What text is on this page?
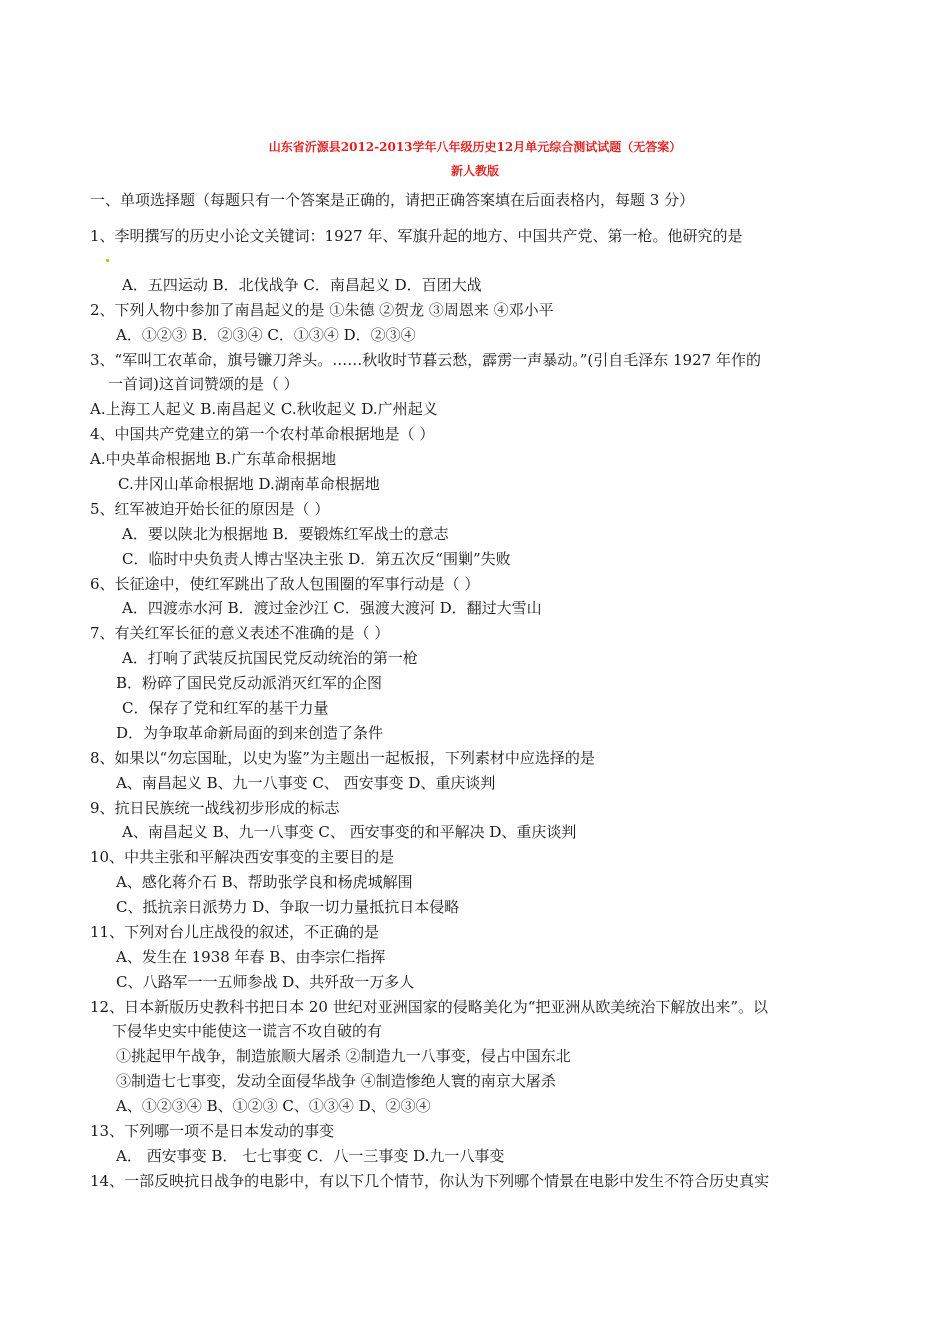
山东省沂源县2012-2013学年八年级历史12月单元综合测试试题（无答案）
新人教版
一、单项选择题（每题只有一个答案是正确的，请把正确答案填在后面表格内，每题 3 分）
1、李明撰写的历史小论文关键词：1927 年、军旗升起的地方、中国共产党、第一枪。他研究的是
A．五四运动 B．北伐战争 C．南昌起义 D．百团大战
2、下列人物中参加了南昌起义的是 ①朱德 ②贺龙 ③周恩来 ④邓小平
A．①②③ B．②③④ C．①③④ D．②③④
3、“军叫工农革命，旗号镰刀斧头。……秋收时节暮云愁，霹雳一声暴动。”(引自毛泽东 1927 年作的
一首词)这首词赞颂的是（ ）
A.上海工人起义 B.南昌起义 C.秋收起义 D.广州起义
4、中国共产党建立的第一个农村革命根据地是（ ）
A.中央革命根据地 B.广东革命根据地
C.井冈山革命根据地 D.湖南革命根据地
5、红军被迫开始长征的原因是（ ）
A．要以陕北为根据地 B．要锻炼红军战士的意志
C．临时中央负责人博古坚决主张 D．第五次反“围剿”失败
6、长征途中，使红军跳出了敌人包围圈的军事行动是（ ）
A．四渡赤水河 B．渡过金沙江 C．强渡大渡河 D．翻过大雪山
7、有关红军长征的意义表述不准确的是（ ）
A．打响了武装反抗国民党反动统治的第一枪
B．粉碎了国民党反动派消灭红军的企图
C．保存了党和红军的基干力量
D．为争取革命新局面的到来创造了条件
8、如果以“勿忘国耻，以史为鉴”为主题出一起板报，下列素材中应选择的是
A、南昌起义 B、九一八事变 C、 西安事变 D、重庆谈判
9、抗日民族统一战线初步形成的标志
A、南昌起义 B、九一八事变 C、 西安事变的和平解决 D、重庆谈判
10、中共主张和平解决西安事变的主要目的是
A、感化蒋介石 B、帮助张学良和杨虎城解围
C、抵抗亲日派势力 D、争取一切力量抵抗日本侵略
11、下列对台儿庄战役的叙述，不正确的是
A、发生在 1938 年春 B、由李宗仁指挥
C、八路军一一五师参战 D、共歼敌一万多人
12、日本新版历史教科书把日本 20 世纪对亚洲国家的侵略美化为“把亚洲从欧美统治下解放出来”。以
下侵华史实中能使这一谎言不攻自破的有
①挑起甲午战争，制造旅顺大屠杀 ②制造九一八事变，侵占中国东北
③制造七七事变，发动全面侵华战争 ④制造惨绝人寰的南京大屠杀
A、①②③④ B、①②③ C、①③④ D、②③④
13、下列哪一项不是日本发动的事变
A． 西安事变 B． 七七事变 C．八一三事变 D.九一八事变
14、一部反映抗日战争的电影中，有以下几个情节，你认为下列哪个情景在电影中发生不符合历史真实
